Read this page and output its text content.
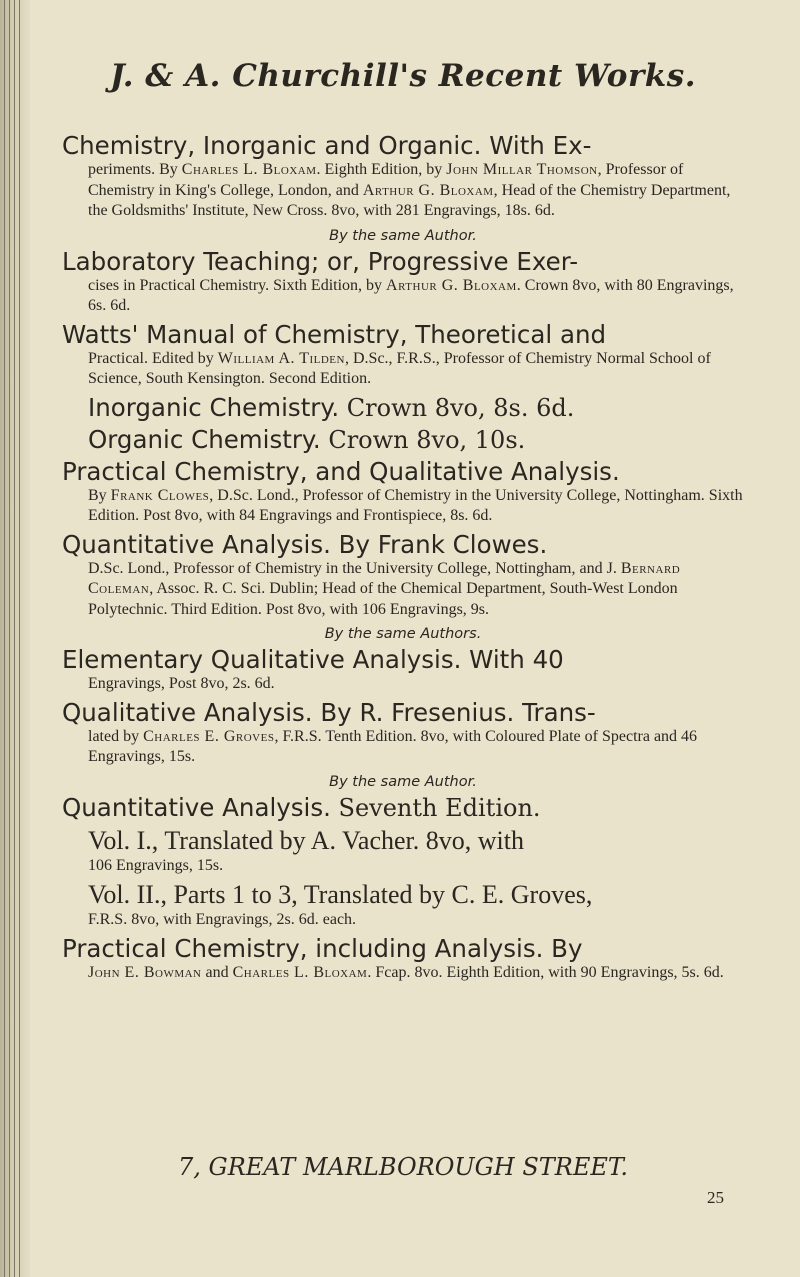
J. & A. Churchill's Recent Works.
Chemistry, Inorganic and Organic. With Ex-
periments. By Charles L. Bloxam. Eighth Edition, by John Millar Thomson, Professor of Chemistry in King's College, London, and Arthur G. Bloxam, Head of the Chemistry Department, the Goldsmiths' Institute, New Cross. 8vo, with 281 Engravings, 18s. 6d.
By the same Author.
Laboratory Teaching; or, Progressive Exer-
cises in Practical Chemistry. Sixth Edition, by Arthur G. Bloxam. Crown 8vo, with 80 Engravings, 6s. 6d.
Watts' Manual of Chemistry, Theoretical and
Practical. Edited by William A. Tilden, D.Sc., F.R.S., Professor of Chemistry Normal School of Science, South Kensington. Second Edition.
Inorganic Chemistry. Crown 8vo, 8s. 6d.
Organic Chemistry. Crown 8vo, 10s.
Practical Chemistry, and Qualitative Analysis.
By Frank Clowes, D.Sc. Lond., Professor of Chemistry in the University College, Nottingham. Sixth Edition. Post 8vo, with 84 Engravings and Frontispiece, 8s. 6d.
Quantitative Analysis. By Frank Clowes.
D.Sc. Lond., Professor of Chemistry in the University College, Nottingham, and J. Bernard Coleman, Assoc. R. C. Sci. Dublin; Head of the Chemical Department, South-West London Polytechnic. Third Edition. Post 8vo, with 106 Engravings, 9s.
By the same Authors.
Elementary Qualitative Analysis. With 40
Engravings, Post 8vo, 2s. 6d.
Qualitative Analysis. By R. Fresenius. Trans-
lated by Charles E. Groves, F.R.S. Tenth Edition. 8vo, with Coloured Plate of Spectra and 46 Engravings, 15s.
By the same Author.
Quantitative Analysis. Seventh Edition.
Vol. I., Translated by A. Vacher. 8vo, with
106 Engravings, 15s.
Vol. II., Parts 1 to 3, Translated by C. E. Groves,
F.R.S. 8vo, with Engravings, 2s. 6d. each.
Practical Chemistry, including Analysis. By
John E. Bowman and Charles L. Bloxam. Fcap. 8vo. Eighth Edition, with 90 Engravings, 5s. 6d.
7, GREAT MARLBOROUGH STREET.
25
